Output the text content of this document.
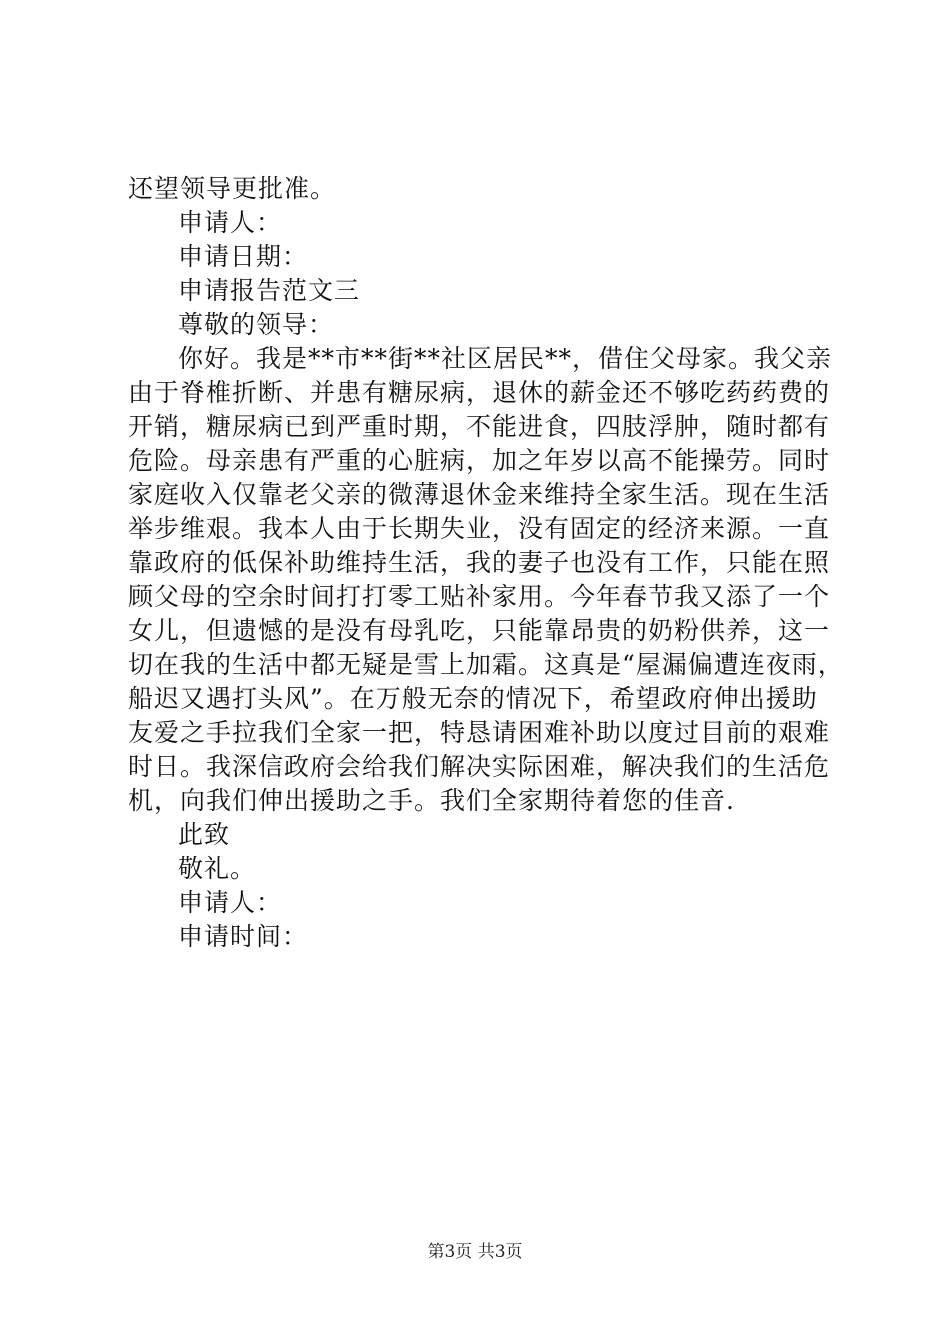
还望领导更批准。
申请人：
申请日期：
申请报告范文三
尊敬的领导：
你好。我是**市**街**社区居民**，借住父母家。我父亲
由于脊椎折断、并患有糖尿病，退休的薪金还不够吃药药费的
开销，糖尿病已到严重时期，不能进食，四肢浮肿，随时都有
危险。母亲患有严重的心脏病，加之年岁以高不能操劳。同时
家庭收入仅靠老父亲的微薄退休金来维持全家生活。现在生活
举步维艰。我本人由于长期失业，没有固定的经济来源。一直
靠政府的低保补助维持生活，我的妻子也没有工作，只能在照
顾父母的空余时间打打零工贴补家用。今年春节我又添了一个
女儿，但遗憾的是没有母乳吃，只能靠昂贵的奶粉供养，这一
切在我的生活中都无疑是雪上加霜。这真是“屋漏偏遭连夜雨，
船迟又遇打头风”。在万般无奈的情况下，希望政府伸出援助
友爱之手拉我们全家一把，特恳请困难补助以度过目前的艰难
时日。我深信政府会给我们解决实际困难，解决我们的生活危
机，向我们伸出援助之手。我们全家期待着您的佳音.
此致
敬礼。
申请人：
申请时间：
第3页 共3页
